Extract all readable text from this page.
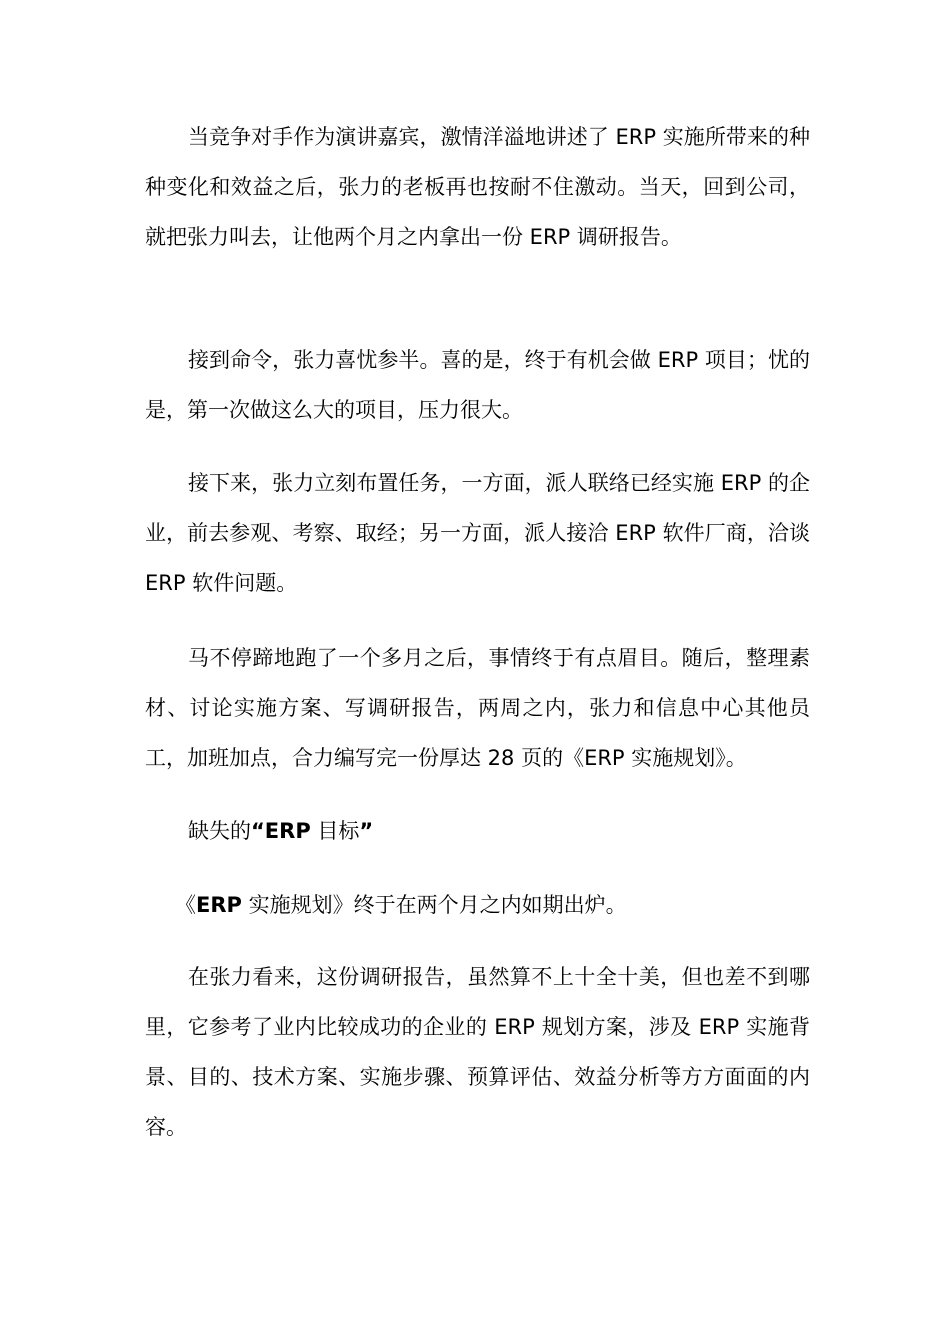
当竞争对手作为演讲嘉宾，激情洋溢地讲述了 ERP 实施所带来的种种变化和效益之后，张力的老板再也按耐不住激动。当天，回到公司，就把张力叫去，让他两个月之内拿出一份 ERP 调研报告。

接到命令，张力喜忧参半。喜的是，终于有机会做 ERP 项目；忧的是，第一次做这么大的项目，压力很大。

接下来，张力立刻布置任务，一方面，派人联络已经实施 ERP 的企业，前去参观、考察、取经；另一方面，派人接洽 ERP 软件厂商，洽谈 ERP 软件问题。

马不停蹄地跑了一个多月之后，事情终于有点眉目。随后，整理素材、讨论实施方案、写调研报告，两周之内，张力和信息中心其他员工，加班加点，合力编写完一份厚达 28 页的《ERP 实施规划》。

缺失的“ERP 目标”

《ERP 实施规划》终于在两个月之内如期出炉。

在张力看来，这份调研报告，虽然算不上十全十美，但也差不到哪里，它参考了业内比较成功的企业的 ERP 规划方案，涉及 ERP 实施背景、目的、技术方案、实施步骤、预算评估、效益分析等方方面面的内容。
